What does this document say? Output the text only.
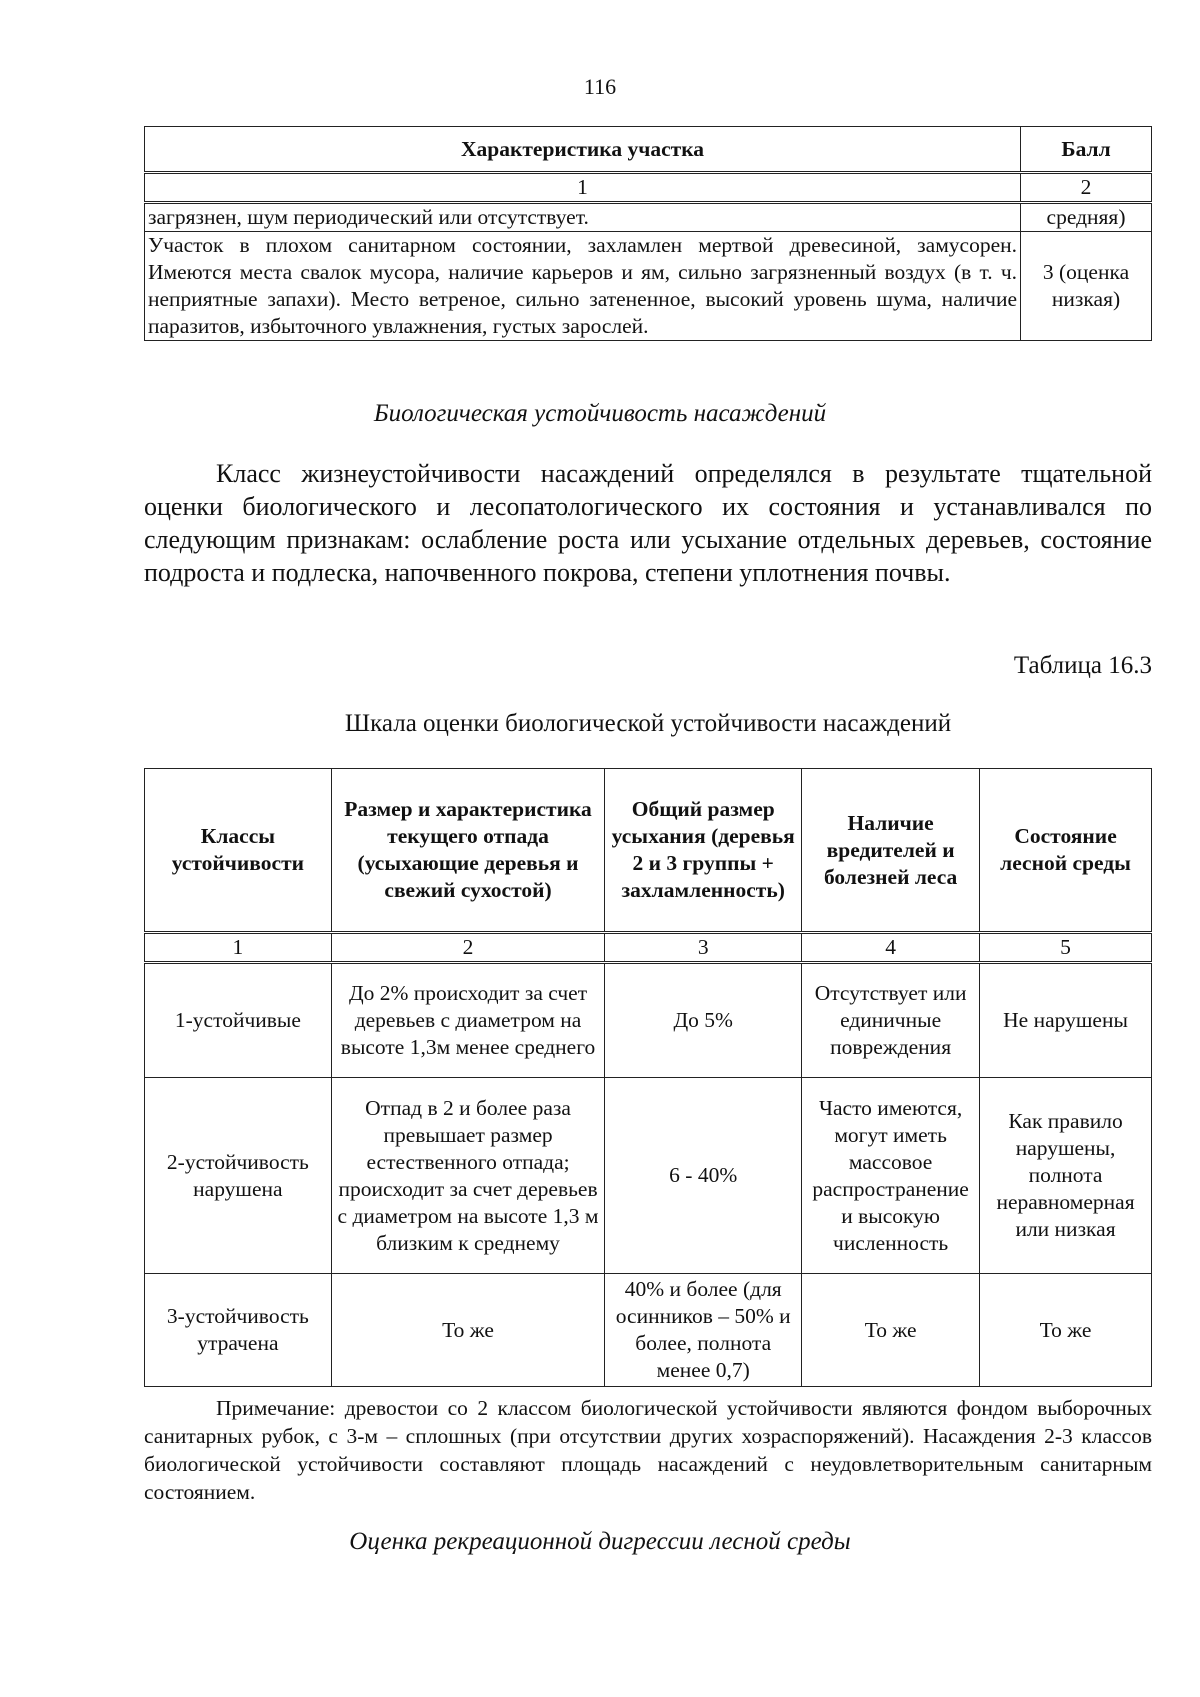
116
Характеристика участка	Балл
1	2
загрязнен, шум периодический или отсутствует.	средняя)
Участок в плохом санитарном состоянии, захламлен мертвой древесиной, замусорен. Имеются места свалок мусора, наличие карьеров и ям, сильно загрязненный воздух (в т. ч. неприятные запахи). Место ветреное, сильно затененное, высокий уровень шума, наличие паразитов, избыточного увлажнения, густых зарослей.	3 (оценка низкая)
Биологическая устойчивость насаждений
Класс жизнеустойчивости насаждений определялся в результате тщательной оценки биологического и лесопатологического их состояния и устанавливался по следующим признакам: ослабление роста или усыхание отдельных деревьев, состояние подроста и подлеска, напочвенного покрова, степени уплотнения почвы.
Таблица 16.3
Шкала оценки биологической устойчивости насаждений
Классы устойчивости	Размер и характеристика текущего отпада (усыхающие деревья и свежий сухостой)	Общий размер усыхания (деревья 2 и 3 группы + захламленность)	Наличие вредителей и болезней леса	Состояние лесной среды
1	2	3	4	5
1-устойчивые	До 2% происходит за счет деревьев с диаметром на высоте 1,3м менее среднего	До 5%	Отсутствует или единичные повреждения	Не нарушены
2-устойчивость нарушена	Отпад в 2 и более раза превышает размер естественного отпада; происходит за счет деревьев с диаметром на высоте 1,3 м близким к среднему	6 - 40%	Часто имеются, могут иметь массовое распространение и высокую численность	Как правило нарушены, полнота неравномерная или низкая
3-устойчивость утрачена	То же	40% и более (для осинников – 50% и более, полнота менее 0,7)	То же	То же
Примечание: древостои со 2 классом биологической устойчивости являются фондом выборочных санитарных рубок, с 3-м – сплошных (при отсутствии других хозраспоряжений). Насаждения 2-3 классов биологической устойчивости составляют площадь насаждений с неудовлетворительным санитарным состоянием.
Оценка рекреационной дигрессии лесной среды
